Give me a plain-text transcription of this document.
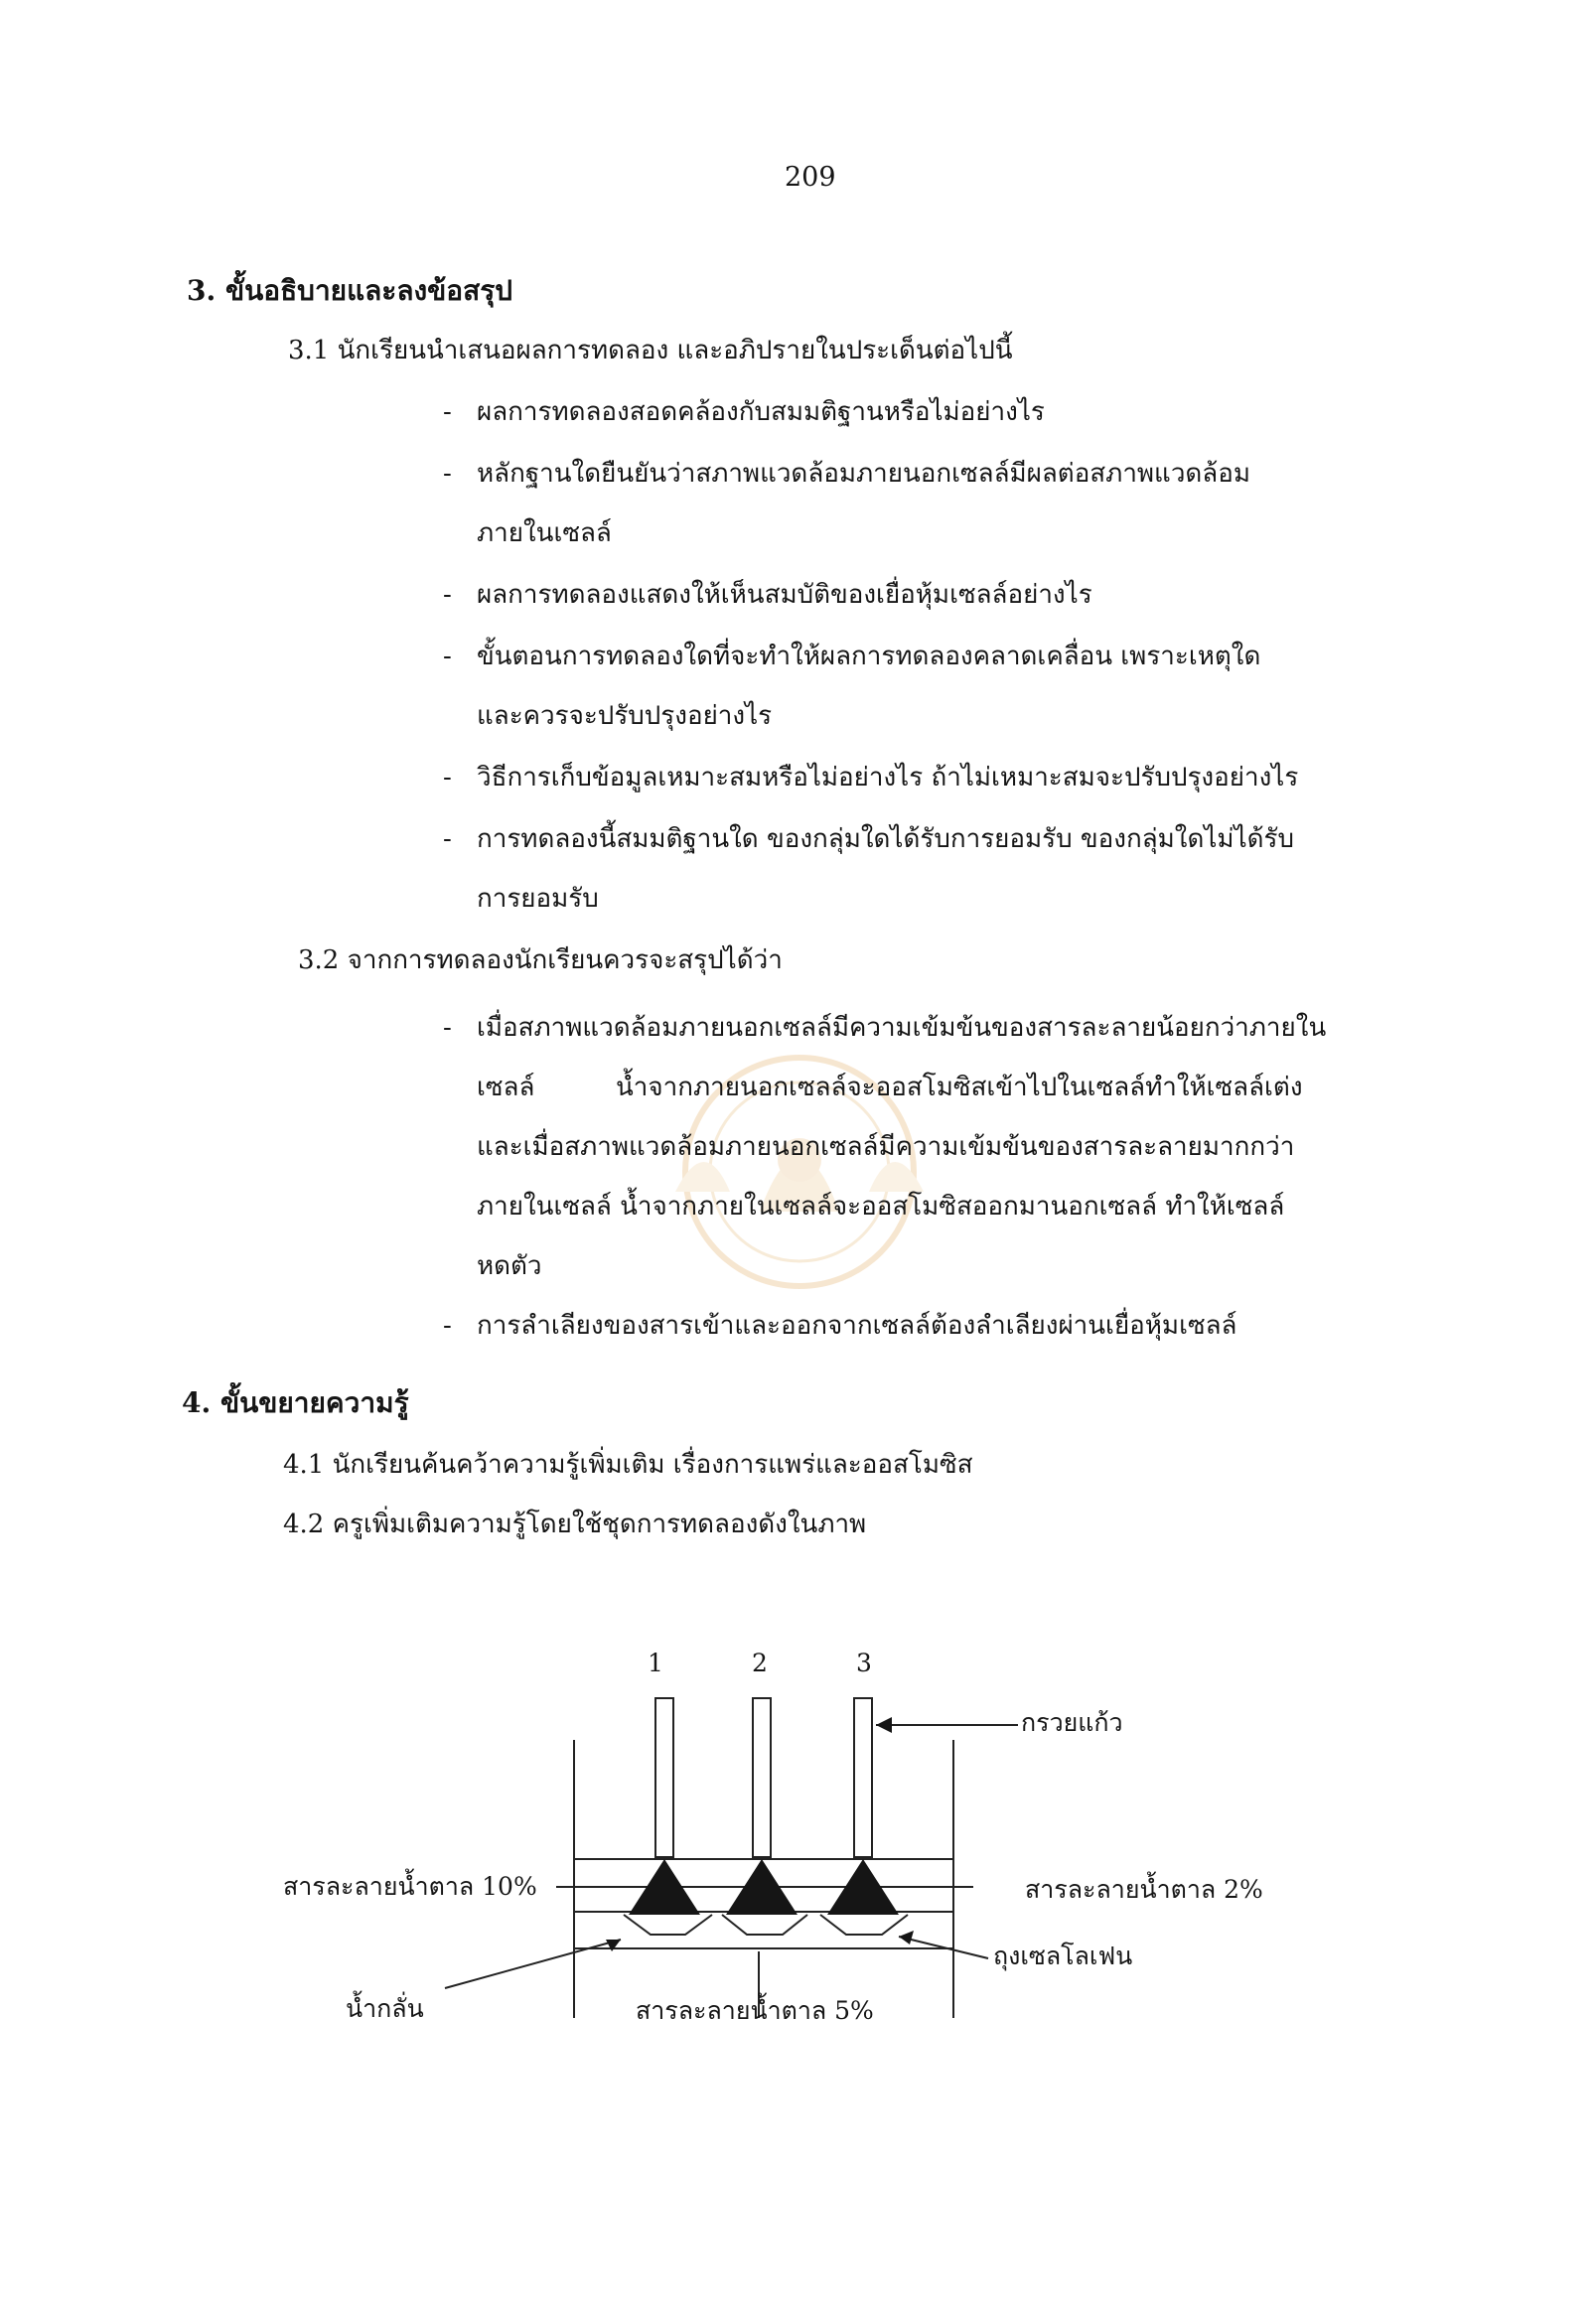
209
3. ขั้นอธิบายและลงข้อสรุป
3.1 นักเรียนนำเสนอผลการทดลอง และอภิปรายในประเด็นต่อไปนี้
- ผลการทดลองสอดคล้องกับสมมติฐานหรือไม่อย่างไร
- หลักฐานใดยืนยันว่าสภาพแวดล้อมภายนอกเซลล์มีผลต่อสภาพแวดล้อม
ภายในเซลล์
- ผลการทดลองแสดงให้เห็นสมบัติของเยื่อหุ้มเซลล์อย่างไร
- ขั้นตอนการทดลองใดที่จะทำให้ผลการทดลองคลาดเคลื่อน เพราะเหตุใด
และควรจะปรับปรุงอย่างไร
- วิธีการเก็บข้อมูลเหมาะสมหรือไม่อย่างไร ถ้าไม่เหมาะสมจะปรับปรุงอย่างไร
- การทดลองนี้สมมติฐานใด ของกลุ่มใดได้รับการยอมรับ ของกลุ่มใดไม่ได้รับ
การยอมรับ
3.2 จากการทดลองนักเรียนควรจะสรุปได้ว่า
- เมื่อสภาพแวดล้อมภายนอกเซลล์มีความเข้มข้นของสารละลายน้อยกว่าภายใน
เซลล์	น้ำจากภายนอกเซลล์จะออสโมซิสเข้าไปในเซลล์ทำให้เซลล์เต่ง
และเมื่อสภาพแวดล้อมภายนอกเซลล์มีความเข้มข้นของสารละลายมากกว่า
ภายในเซลล์ น้ำจากภายในเซลล์จะออสโมซิสออกมานอกเซลล์ ทำให้เซลล์
หดตัว
- การลำเลียงของสารเข้าและออกจากเซลล์ต้องลำเลียงผ่านเยื่อหุ้มเซลล์
4. ขั้นขยายความรู้
4.1 นักเรียนค้นคว้าความรู้เพิ่มเติม เรื่องการแพร่และออสโมซิส
4.2 ครูเพิ่มเติมความรู้โดยใช้ชุดการทดลองดังในภาพ
1	2	3
กรวยแก้ว
สารละลายน้ำตาล 10%	สารละลายน้ำตาล 2%
ถุงเซลโลเฟน
น้ำกลั่น	สารละลายน้ำตาล 5%
